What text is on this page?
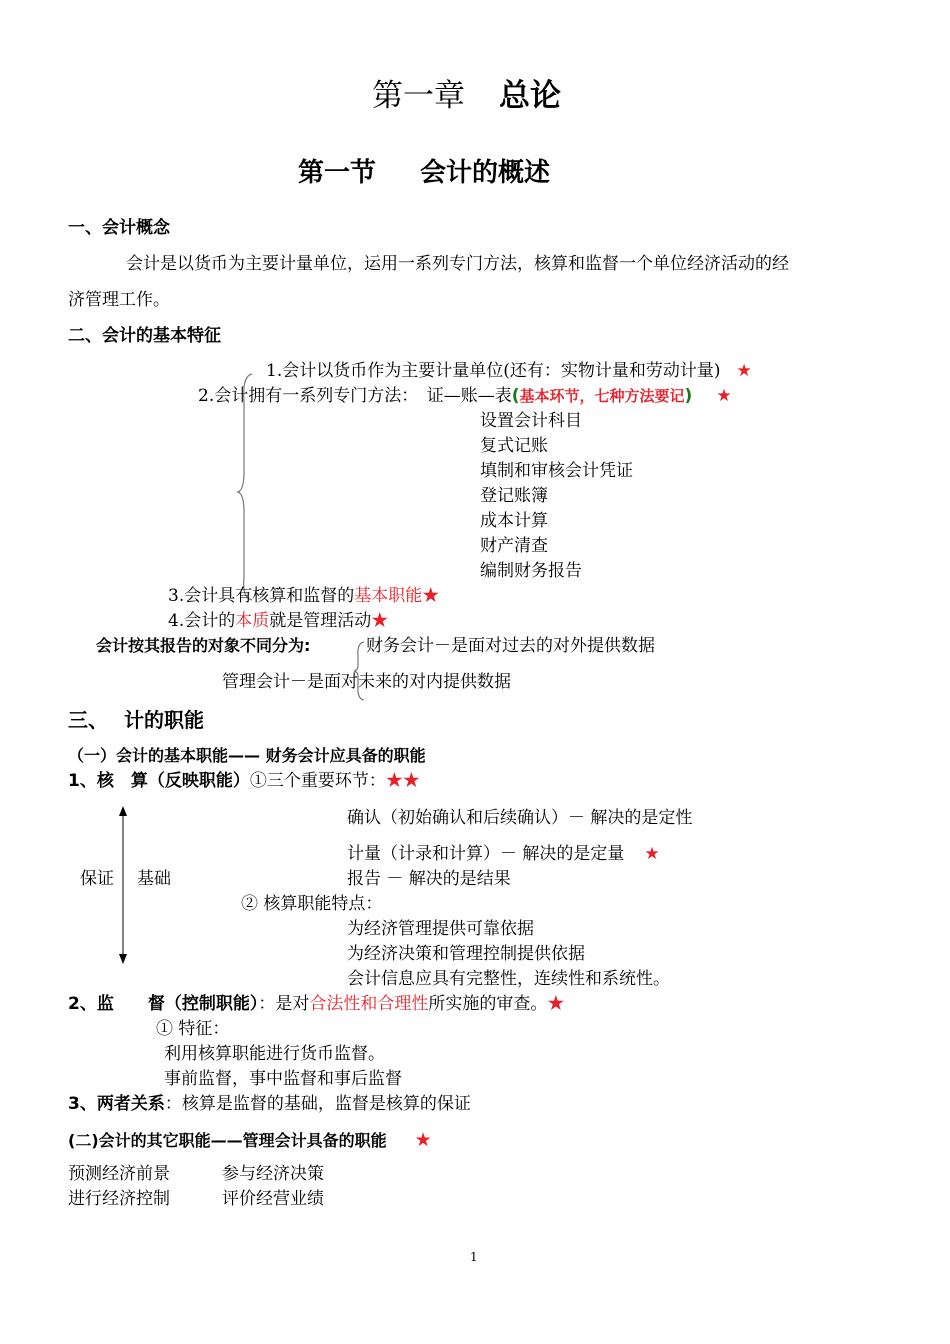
第一章 总论
第一节 会计的概述
一、会计概念
会计是以货币为主要计量单位，运用一系列专门方法，核算和监督一个单位经济活动的经
济管理工作。
二、会计的基本特征
1.会计以货币作为主要计量单位(还有：实物计量和劳动计量) ★
2.会计拥有一系列专门方法：　证—账—表(基本环节，七种方法要记) ★
设置会计科目
复式记账
填制和审核会计凭证
登记账簿
成本计算
财产清查
编制财务报告
3.会计具有核算和监督的基本职能★
4.会计的本质就是管理活动★
会计按其报告的对象不同分为:	财务会计－是面对过去的对外提供数据
管理会计－是面对未来的对内提供数据
三、 计的职能
（一）会计的基本职能—— 财务会计应具备的职能
1、核　算（反映职能）①三个重要环节：★★
保证 基础
确认（初始确认和后续确认）－ 解决的是定性
计量（计录和计算）－ 解决的是定量 ★
报告 － 解决的是结果
② 核算职能特点：
为经济管理提供可靠依据
为经济决策和管理控制提供依据
会计信息应具有完整性，连续性和系统性。
2、监　　督（控制职能）：是对合法性和合理性所实施的审查。★
① 特征：
利用核算职能进行货币监督。
事前监督，事中监督和事后监督
3、两者关系：核算是监督的基础，监督是核算的保证
(二)会计的其它职能——管理会计具备的职能 ★
预测经济前景	参与经济决策
进行经济控制	评价经营业绩
1
